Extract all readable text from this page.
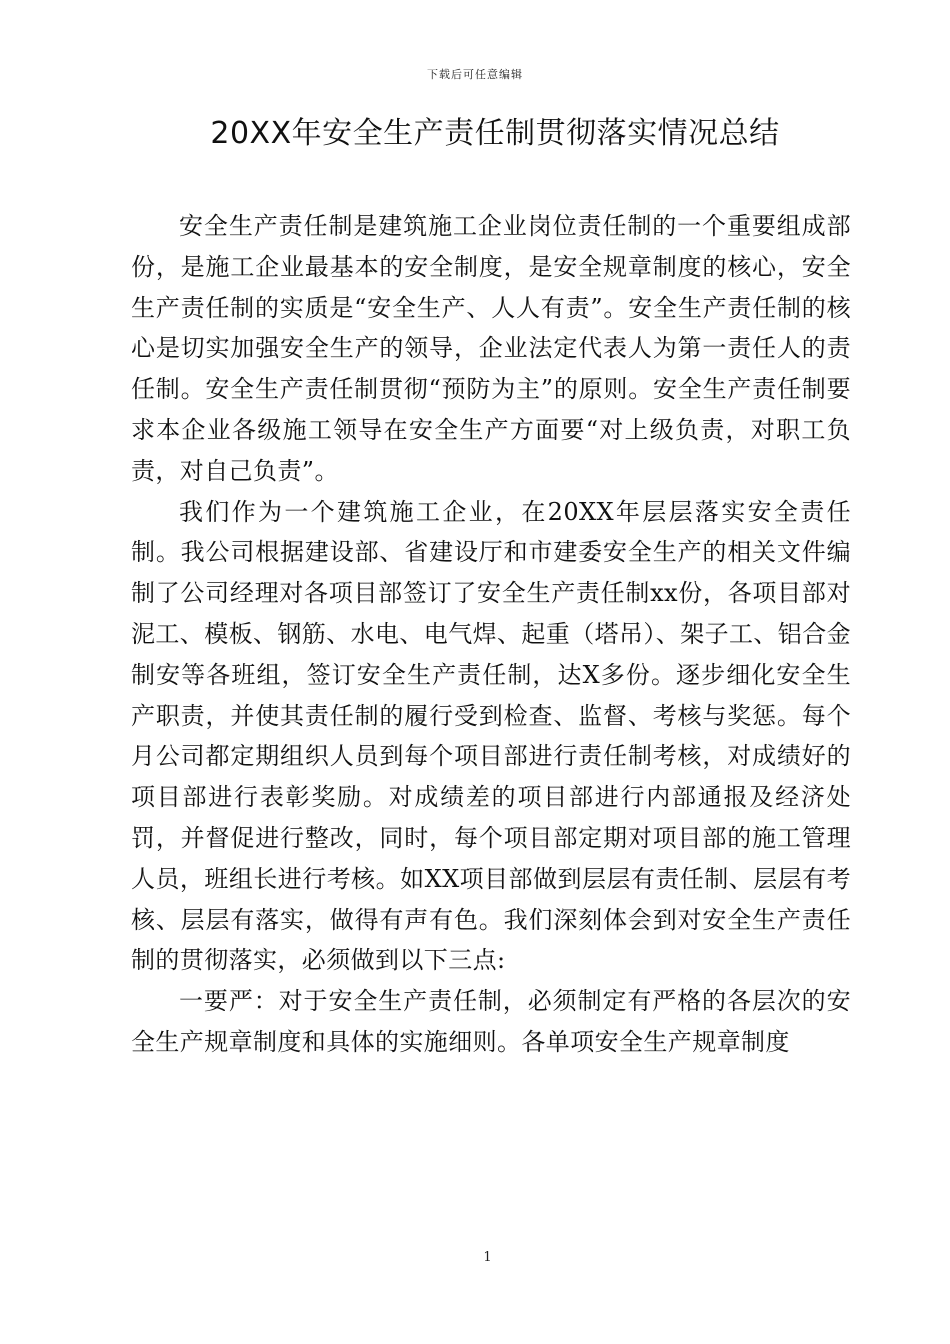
下载后可任意编辑
20XX年安全生产责任制贯彻落实情况总结

安全生产责任制是建筑施工企业岗位责任制的一个重要组成部份，是施工企业最基本的安全制度，是安全规章制度的核心，安全生产责任制的实质是“安全生产、人人有责”。安全生产责任制的核心是切实加强安全生产的领导，企业法定代表人为第一责任人的责任制。安全生产责任制贯彻“预防为主”的原则。安全生产责任制要求本企业各级施工领导在安全生产方面要“对上级负责，对职工负责，对自己负责”。

我们作为一个建筑施工企业，在20XX年层层落实安全责任制。我公司根据建设部、省建设厅和市建委安全生产的相关文件编制了公司经理对各项目部签订了安全生产责任制xx份，各项目部对泥工、模板、钢筋、水电、电气焊、起重（塔吊）、架子工、铝合金制安等各班组，签订安全生产责任制，达X多份。逐步细化安全生产职责，并使其责任制的履行受到检查、监督、考核与奖惩。每个月公司都定期组织人员到每个项目部进行责任制考核，对成绩好的项目部进行表彰奖励。对成绩差的项目部进行内部通报及经济处罚，并督促进行整改，同时，每个项目部定期对项目部的施工管理人员，班组长进行考核。如XX项目部做到层层有责任制、层层有考核、层层有落实，做得有声有色。我们深刻体会到对安全生产责任制的贯彻落实，必须做到以下三点:

一要严：对于安全生产责任制，必须制定有严格的各层次的安全生产规章制度和具体的实施细则。各单项安全生产规章制度

1
